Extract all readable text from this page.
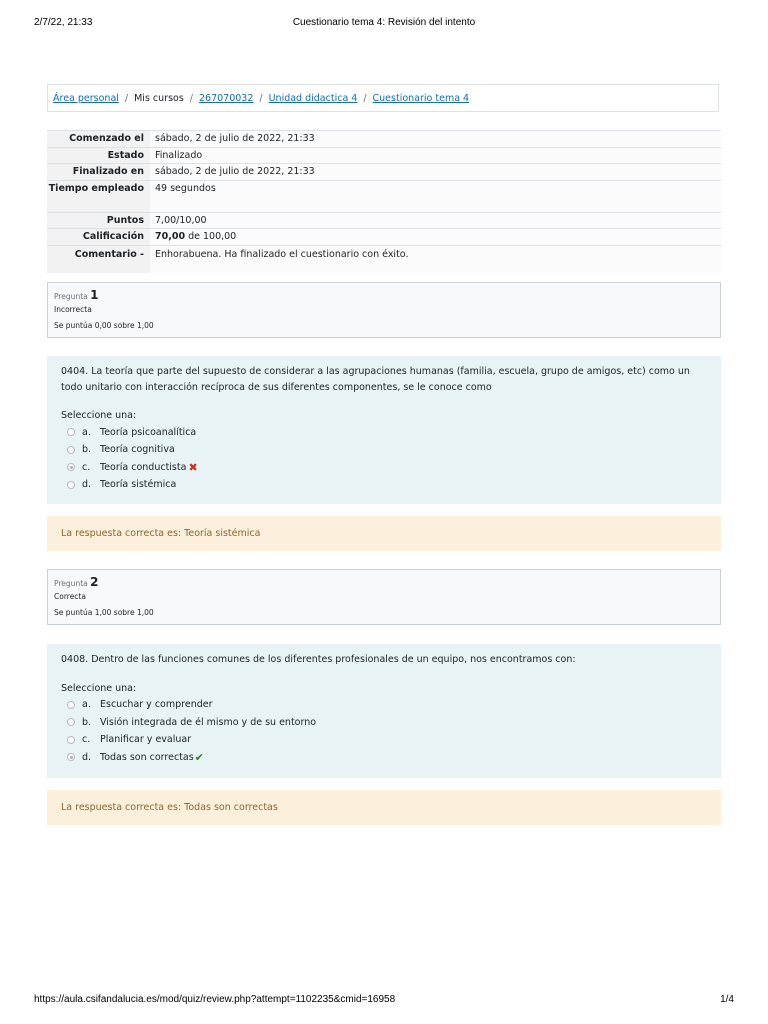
2/7/22, 21:33	Cuestionario tema 4: Revisión del intento
Área personal / Mis cursos / 267070032 / Unidad didactica 4 / Cuestionario tema 4
Comenzado el	sábado, 2 de julio de 2022, 21:33
Estado	Finalizado
Finalizado en	sábado, 2 de julio de 2022, 21:33
Tiempo empleado	49 segundos
Puntos	7,00/10,00
Calificación	70,00 de 100,00
Comentario -	Enhorabuena. Ha finalizado el cuestionario con éxito.
Pregunta 1
Incorrecta
Se puntúa 0,00 sobre 1,00
0404. La teoría que parte del supuesto de considerar a las agrupaciones humanas (familia, escuela, grupo de amigos, etc) como un todo unitario con interacción recíproca de sus diferentes componentes, se le conoce como
Seleccione una:
a. Teoría psicoanalítica
b. Teoría cognitiva
c.	Teoría conductista ✖
d. Teoría sistémica
La respuesta correcta es: Teoría sistémica
Pregunta 2
Correcta
Se puntúa 1,00 sobre 1,00
0408. Dentro de las funciones comunes de los diferentes profesionales de un equipo, nos encontramos con:
Seleccione una:
a. Escuchar y comprender
b. Visión integrada de él mismo y de su entorno
c.	Planificar y evaluar
d. Todas son correctas ✔
La respuesta correcta es: Todas son correctas
https://aula.csifandalucia.es/mod/quiz/review.php?attempt=1102235&cmid=16958	1/4
